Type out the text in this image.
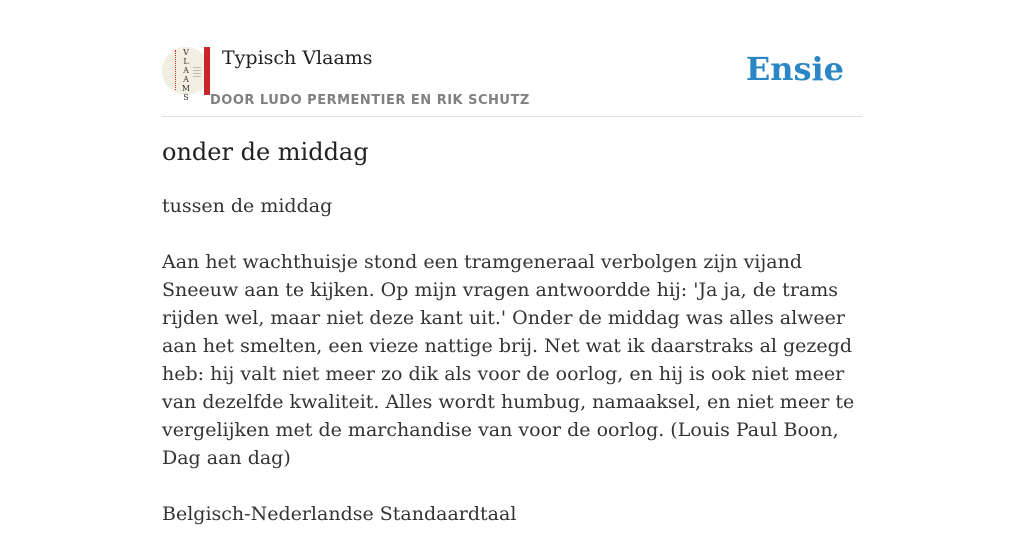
V
L
A
A
M
S
Typisch Vlaams
DOOR LUDO PERMENTIER EN RIK SCHUTZ
Ensie
onder de middag

tussen de middag

Aan het wachthuisje stond een tramgeneraal verbolgen zijn vijand Sneeuw aan te kijken. Op mijn vragen antwoordde hij: 'Ja ja, de trams rijden wel, maar niet deze kant uit.' Onder de middag was alles alweer aan het smelten, een vieze nattige brij. Net wat ik daarstraks al gezegd heb: hij valt niet meer zo dik als voor de oorlog, en hij is ook niet meer van dezelfde kwaliteit. Alles wordt humbug, namaaksel, en niet meer te vergelijken met de marchandise van voor de oorlog. (Louis Paul Boon, Dag aan dag)

Belgisch-Nederlandse Standaardtaal
